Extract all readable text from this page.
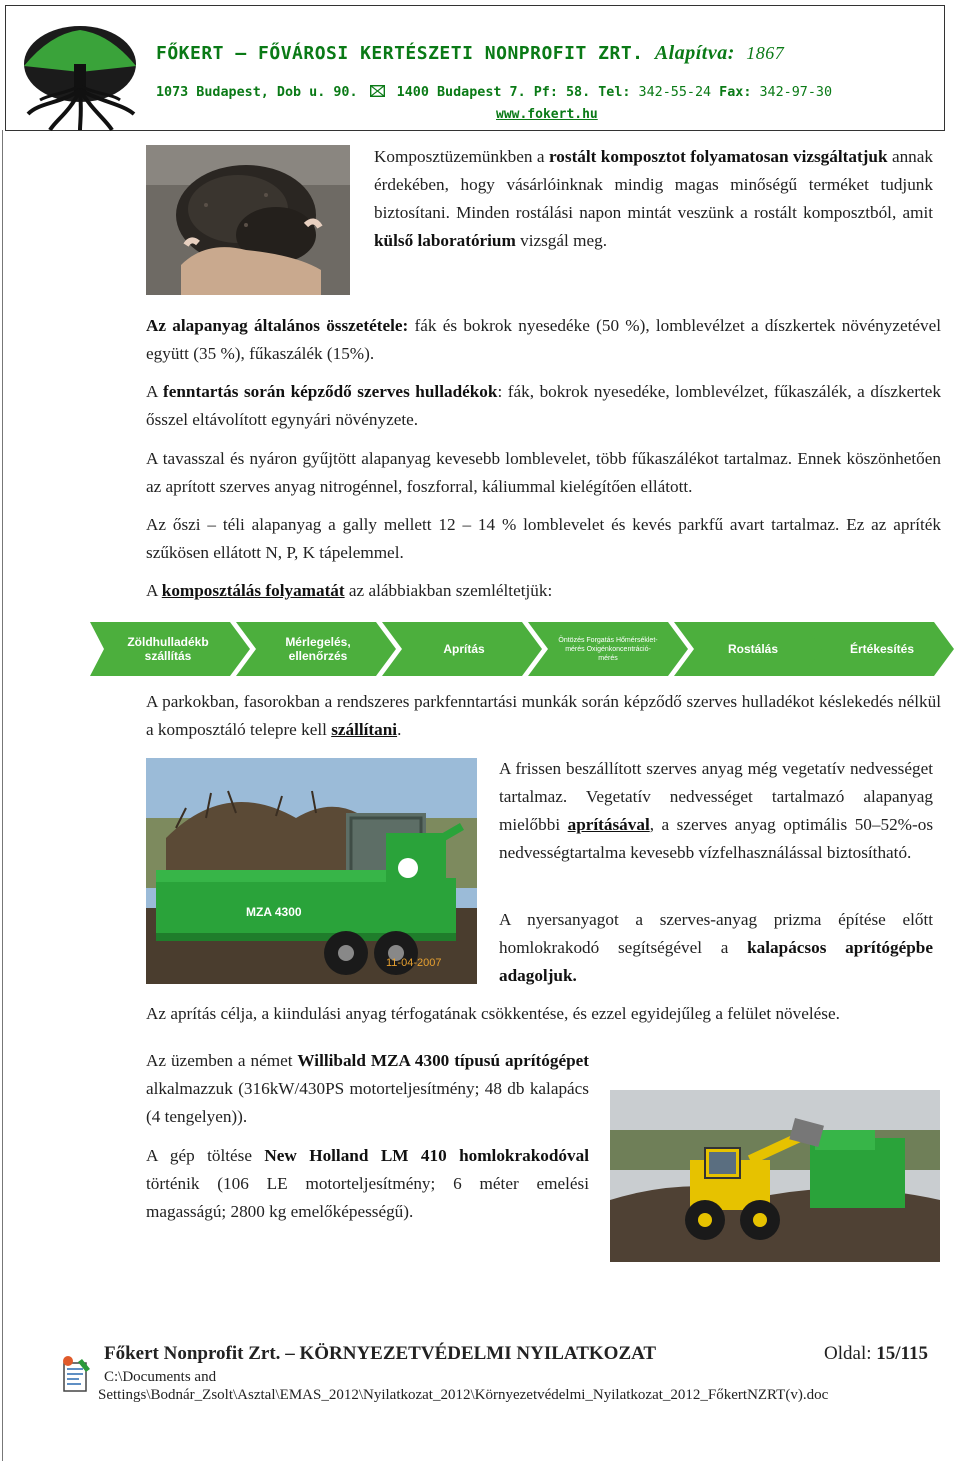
FŐKERT – FŐVÁROSI KERTÉSZETI NONPROFIT ZRT. Alapítva: 1867
1073 Budapest, Dob u. 90.	1400 Budapest 7. Pf: 58. Tel: 342-55-24 Fax: 342-97-30
www.fokert.hu
Komposztüzemünkben a rostált komposztot folyamatosan vizsgáltatjuk annak érdekében, hogy vásárlóinknak mindig magas minőségű terméket tudjunk biztosítani. Minden rostálási napon mintát veszünk a rostált komposztból, amit külső laboratórium vizsgál meg.
Az alapanyag általános összetétele: fák és bokrok nyesedéke (50 %), lomblevélzet a díszkertek növényzetével együtt (35 %), fűkaszálék (15%).
A fenntartás során képződő szerves hulladékok: fák, bokrok nyesedéke, lomblevélzet, fűkaszálék, a díszkertek ősszel eltávolított egynyári növényzete.
A tavasszal és nyáron gyűjtött alapanyag kevesebb lomblevelet, több fűkaszálékot tartalmaz. Ennek köszönhetően az aprított szerves anyag nitrogénnel, foszforral, káliummal kielégítően ellátott.
Az őszi – téli alapanyag a gally mellett 12 – 14 % lomblevelet és kevés parkfű avart tartalmaz. Ez az apríték szűkösen ellátott N, P, K tápelemmel.
A komposztálás folyamatát az alábbiakban szemléltetjük:
Zöldhulladékb szállítás
Mérlegelés, ellenőrzés	Aprítás
Öntözés Forgatás Hőmérséklet-mérés Oxigénkoncentráció-mérés
Rostálás	Értékesítés
A parkokban, fasorokban a rendszeres parkfenntartási munkák során képződő szerves hulladékot késlekedés nélkül a komposztáló telepre kell szállítani.
MZA 4300
11-04-2007
A frissen beszállított szerves anyag még vegetatív nedvességet tartalmaz. Vegetatív nedvességet tartalmazó alapanyag mielőbbi aprításával, a szerves anyag optimális 50–52%-os nedvességtartalma kevesebb vízfelhasználással biztosítható.
A nyersanyagot a szerves-anyag prizma építése előtt homlokrakodó segítségével a kalapácsos aprítógépbe adagoljuk.
Az aprítás célja, a kiindulási anyag térfogatának csökkentése, és ezzel egyidejűleg a felület növelése.
Az üzemben a német Willibald MZA 4300 típusú aprítógépet alkalmazzuk (316kW/430PS motorteljesítmény; 48 db kalapács (4 tengelyen)).
A gép töltése New Holland LM 410 homlokrakodóval történik (106 LE motorteljesítmény; 6 méter emelési magasságú; 2800 kg emelőképességű).
Főkert Nonprofit Zrt. – KÖRNYEZETVÉDELMI NYILATKOZAT	Oldal: 15/115
C:\Documents and
Settings\Bodnár_Zsolt\Asztal\EMAS_2012\Nyilatkozat_2012\Környezetvédelmi_Nyilatkozat_2012_FőkertNZRT(v).doc
